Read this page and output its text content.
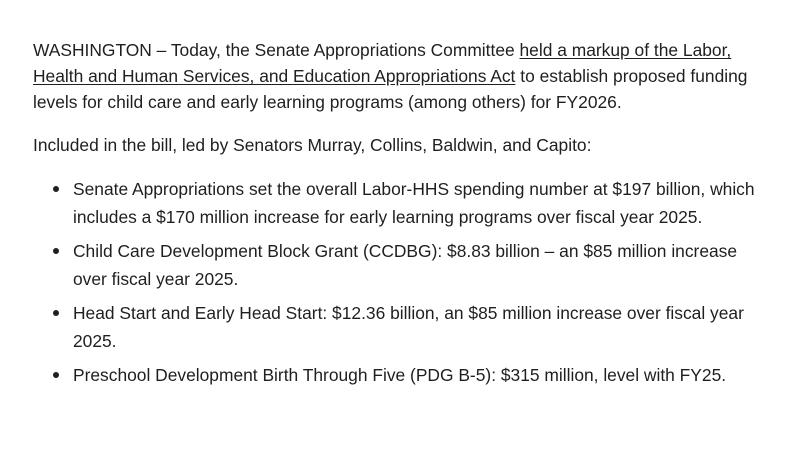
WASHINGTON – Today, the Senate Appropriations Committee held a markup of the Labor, Health and Human Services, and Education Appropriations Act to establish proposed funding levels for child care and early learning programs (among others) for FY2026.

Included in the bill, led by Senators Murray, Collins, Baldwin, and Capito:

Senate Appropriations set the overall Labor-HHS spending number at $197 billion, which includes a $170 million increase for early learning programs over fiscal year 2025.
Child Care Development Block Grant (CCDBG): $8.83 billion – an $85 million increase over fiscal year 2025.
Head Start and Early Head Start: $12.36 billion, an $85 million increase over fiscal year 2025.
Preschool Development Birth Through Five (PDG B-5): $315 million, level with FY25.
